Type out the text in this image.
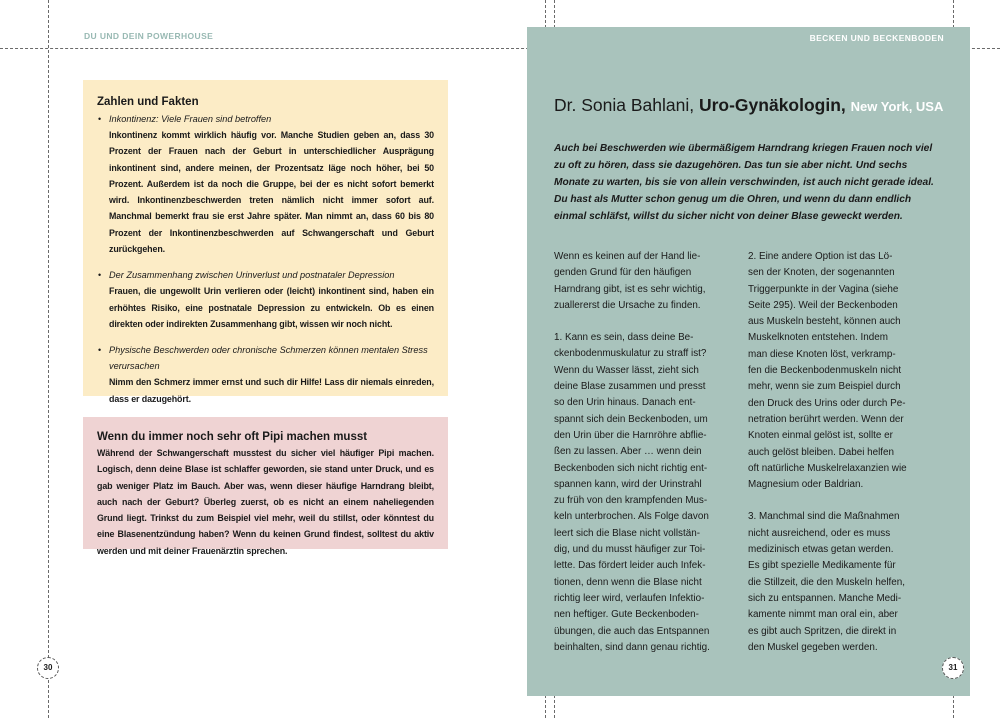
DU UND DEIN POWERHOUSE
Zahlen und Fakten
• Inkontinenz: Viele Frauen sind betroffen
Inkontinenz kommt wirklich häufig vor. Manche Studien geben an, dass 30 Prozent der Frauen nach der Geburt in unterschiedlicher Ausprägung inkontinent sind, andere meinen, der Prozentsatz läge noch höher, bei 50 Prozent. Außerdem ist da noch die Gruppe, bei der es nicht sofort bemerkt wird. Inkontinenzbeschwerden treten nämlich nicht immer sofort auf. Manchmal bemerkt frau sie erst Jahre später. Man nimmt an, dass 60 bis 80 Prozent der Inkontinenzbeschwerden auf Schwangerschaft und Geburt zurückgehen.
• Der Zusammenhang zwischen Urinverlust und postnataler Depression
Frauen, die ungewollt Urin verlieren oder (leicht) inkontinent sind, haben ein erhöhtes Risiko, eine postnatale Depression zu entwickeln. Ob es einen direkten oder indirekten Zusammenhang gibt, wissen wir noch nicht.
• Physische Beschwerden oder chronische Schmerzen können mentalen Stress verursachen
Nimm den Schmerz immer ernst und such dir Hilfe! Lass dir niemals einreden, dass er dazugehört.
Wenn du immer noch sehr oft Pipi machen musst
Während der Schwangerschaft musstest du sicher viel häufiger Pipi machen. Logisch, denn deine Blase ist schlaffer geworden, sie stand unter Druck, und es gab weniger Platz im Bauch. Aber was, wenn dieser häufige Harndrang bleibt, auch nach der Geburt? Überleg zuerst, ob es nicht an einem naheliegenden Grund liegt. Trinkst du zum Beispiel viel mehr, weil du stillst, oder könntest du eine Blasenentzündung haben? Wenn du keinen Grund findest, solltest du aktiv werden und mit deiner Frauenärztin sprechen.
30
BECKEN UND BECKENBODEN
Dr. Sonia Bahlani, Uro-Gynäkologin, New York, USA
Auch bei Beschwerden wie übermäßigem Harndrang kriegen Frauen noch viel zu oft zu hören, dass sie dazugehören. Das tun sie aber nicht. Und sechs Monate zu warten, bis sie von allein verschwinden, ist auch nicht gerade ideal. Du hast als Mutter schon genug um die Ohren, und wenn du dann endlich einmal schläfst, willst du sicher nicht von deiner Blase geweckt werden.

Wenn es keinen auf der Hand lie-
genden Grund für den häufigen
Harndrang gibt, ist es sehr wichtig,
zuallererst die Ursache zu finden.

1. Kann es sein, dass deine Be-
ckenbodenmuskulatur zu straff ist?
Wenn du Wasser lässt, zieht sich
deine Blase zusammen und presst
so den Urin hinaus. Danach ent-
spannt sich dein Beckenboden, um
den Urin über die Harnröhre abflie-
ßen zu lassen. Aber … wenn dein
Beckenboden sich nicht richtig ent-
spannen kann, wird der Urinstrahl
zu früh von den krampfenden Mus-
keln unterbrochen. Als Folge davon
leert sich die Blase nicht vollstän-
dig, und du musst häufiger zur Toi-
lette. Das fördert leider auch Infek-
tionen, denn wenn die Blase nicht
richtig leer wird, verlaufen Infektio-
nen heftiger. Gute Beckenboden-
übungen, die auch das Entspannen
beinhalten, sind dann genau richtig.

2. Eine andere Option ist das Lö-
sen der Knoten, der sogenannten
Triggerpunkte in der Vagina (siehe
Seite 295). Weil der Beckenboden
aus Muskeln besteht, können auch
Muskelknoten entstehen. Indem
man diese Knoten löst, verkramp-
fen die Beckenbodenmuskeln nicht
mehr, wenn sie zum Beispiel durch
den Druck des Urins oder durch Pe-
netration berührt werden. Wenn der
Knoten einmal gelöst ist, sollte er
auch gelöst bleiben. Dabei helfen
oft natürliche Muskelrelaxanzien wie
Magnesium oder Baldrian.

3. Manchmal sind die Maßnahmen
nicht ausreichend, oder es muss
medizinisch etwas getan werden.
Es gibt spezielle Medikamente für
die Stillzeit, die den Muskeln helfen,
sich zu entspannen. Manche Medi-
kamente nimmt man oral ein, aber
es gibt auch Spritzen, die direkt in
den Muskel gegeben werden.

31
